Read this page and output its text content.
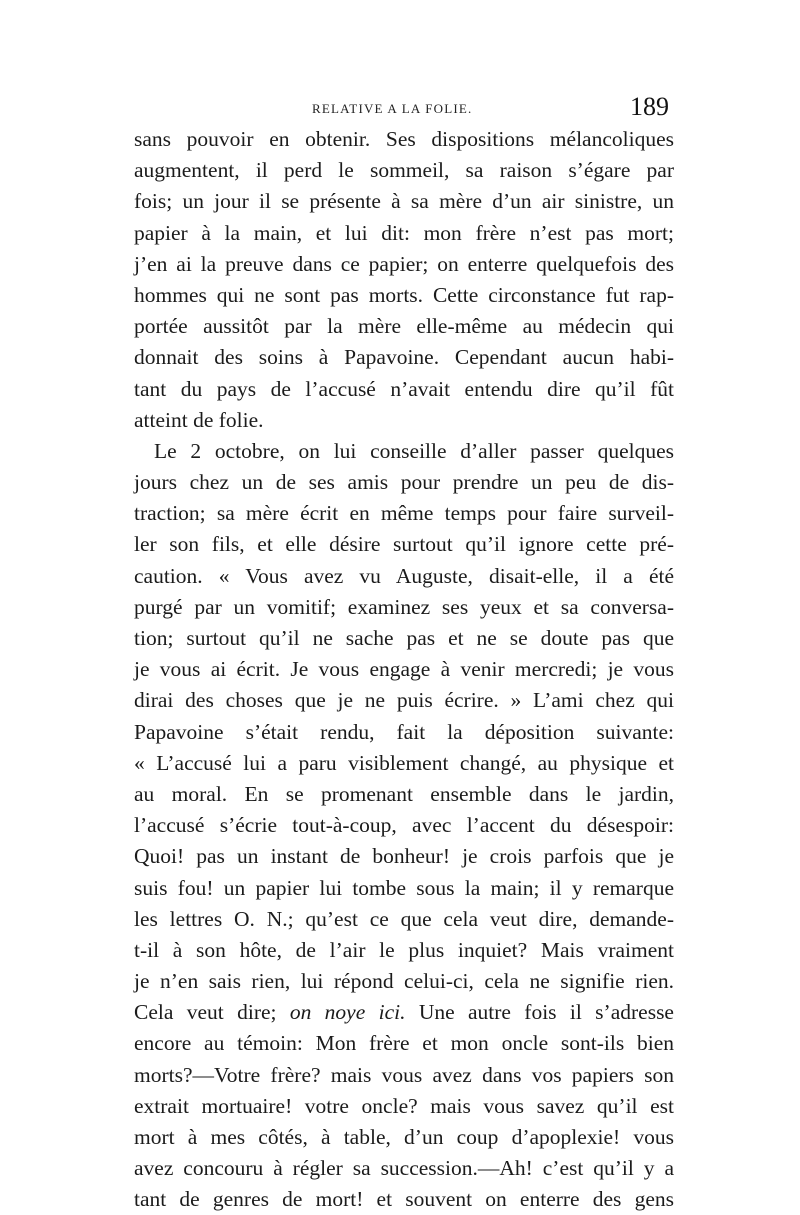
RELATIVE A LA FOLIE.	189
sans pouvoir en obtenir. Ses dispositions mélancoliques
augmentent, il perd le sommeil, sa raison s’égare par
fois; un jour il se présente à sa mère d’un air sinistre, un
papier à la main, et lui dit: mon frère n’est pas mort;
j’en ai la preuve dans ce papier; on enterre quelquefois des
hommes qui ne sont pas morts. Cette circonstance fut rap-
portée aussitôt par la mère elle-même au médecin qui
donnait des soins à Papavoine. Cependant aucun habi-
tant du pays de l’accusé n’avait entendu dire qu’il fût
atteint de folie.
Le 2 octobre, on lui conseille d’aller passer quelques
jours chez un de ses amis pour prendre un peu de dis-
traction; sa mère écrit en même temps pour faire surveil-
ler son fils, et elle désire surtout qu’il ignore cette pré-
caution. « Vous avez vu Auguste, disait-elle, il a été
purgé par un vomitif; examinez ses yeux et sa conversa-
tion; surtout qu’il ne sache pas et ne se doute pas que
je vous ai écrit. Je vous engage à venir mercredi; je vous
dirai des choses que je ne puis écrire. » L’ami chez qui
Papavoine s’était rendu, fait la déposition suivante:
« L’accusé lui a paru visiblement changé, au physique et
au moral. En se promenant ensemble dans le jardin,
l’accusé s’écrie tout-à-coup, avec l’accent du désespoir:
Quoi! pas un instant de bonheur! je crois parfois que je
suis fou! un papier lui tombe sous la main; il y remarque
les lettres O. N.; qu’est ce que cela veut dire, demande-
t-il à son hôte, de l’air le plus inquiet? Mais vraiment
je n’en sais rien, lui répond celui-ci, cela ne signifie rien.
Cela veut dire; on noye ici. Une autre fois il s’adresse
encore au témoin: Mon frère et mon oncle sont-ils bien
morts?—Votre frère? mais vous avez dans vos papiers son
extrait mortuaire! votre oncle? mais vous savez qu’il est
mort à mes côtés, à table, d’un coup d’apoplexie! vous
avez concouru à régler sa succession.—Ah! c’est qu’il y a
tant de genres de mort! et souvent on enterre des gens
